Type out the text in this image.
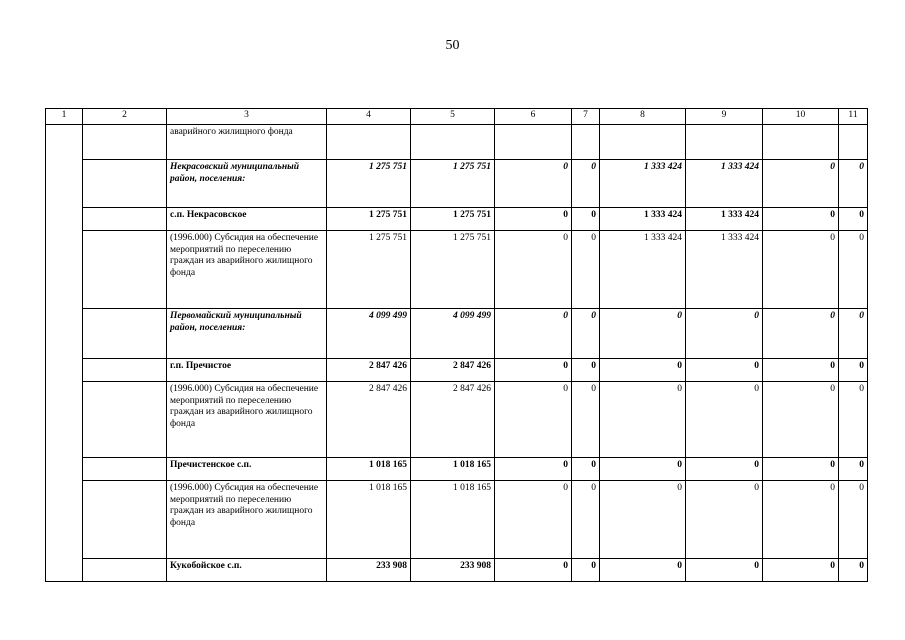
50
1	2	3	4	5	6	7	8	9	10	11
		аварийного жилищного фонда								
		Некрасовский муниципальный район, поселения:	1 275 751	1 275 751	0	0	1 333 424	1 333 424	0	0
		с.п. Некрасовское	1 275 751	1 275 751	0	0	1 333 424	1 333 424	0	0
		(1996.000) Субсидия на обеспечение мероприятий по переселению граждан из аварийного жилищного фонда	1 275 751	1 275 751	0	0	1 333 424	1 333 424	0	0
		Первомайский муниципальный район, поселения:	4 099 499	4 099 499	0	0	0	0	0	0
		г.п. Пречистое	2 847 426	2 847 426	0	0	0	0	0	0
		(1996.000) Субсидия на обеспечение мероприятий по переселению граждан из аварийного жилищного фонда	2 847 426	2 847 426	0	0	0	0	0	0
		Пречистенское с.п.	1 018 165	1 018 165	0	0	0	0	0	0
		(1996.000) Субсидия на обеспечение мероприятий по переселению граждан из аварийного жилищного фонда	1 018 165	1 018 165	0	0	0	0	0	0
		Кукобойское с.п.	233 908	233 908	0	0	0	0	0	0
